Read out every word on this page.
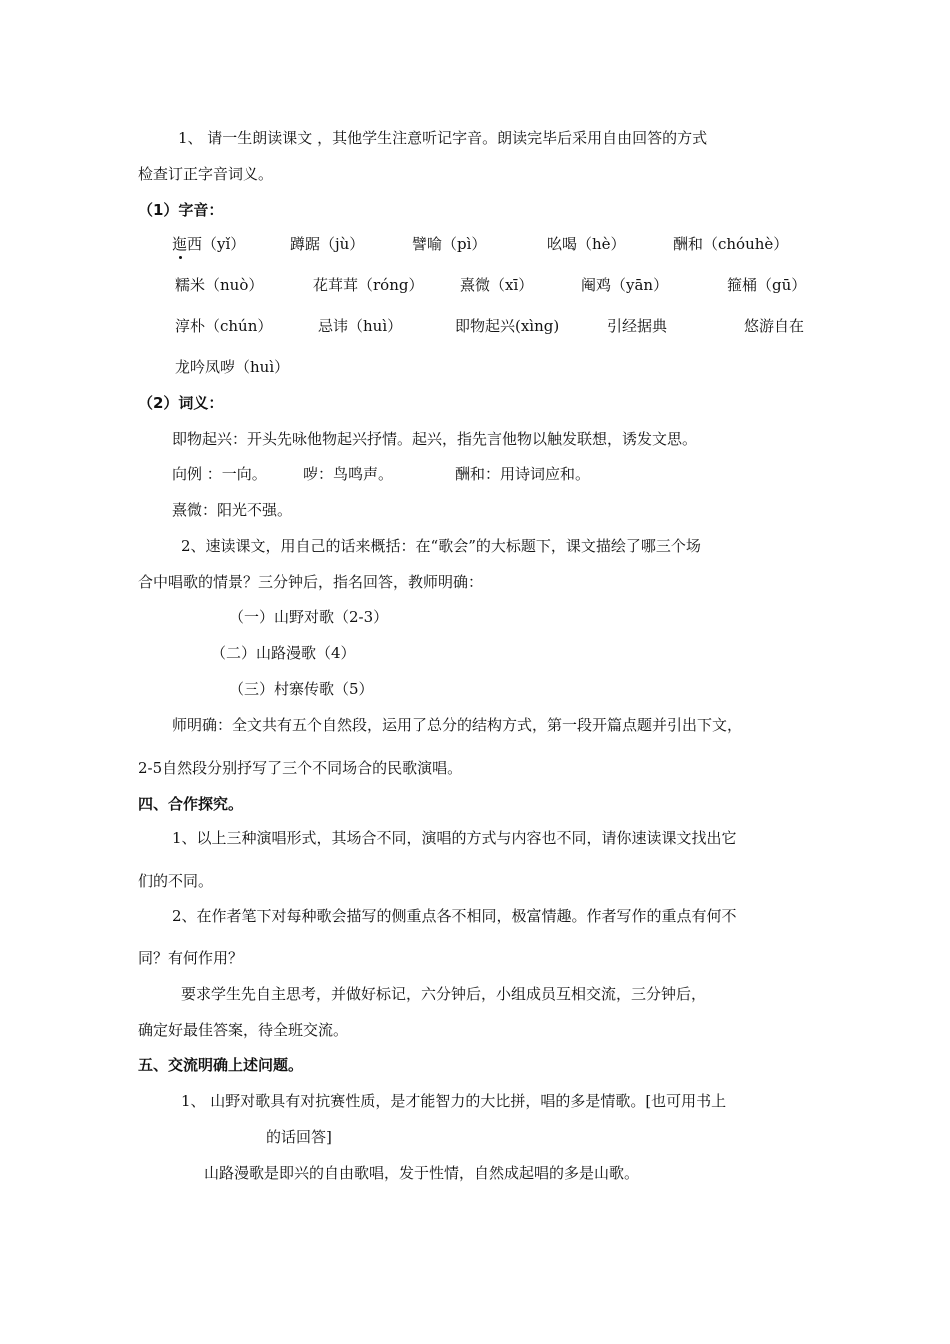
1、 请一生朗读课文 ，其他学生注意听记字音。朗读完毕后采用自由回答的方式
检查订正字音词义。
（1）字音：
迤西（yǐ）	蹲踞（jù）	譬喻（pì）	吆喝（hè）	酬和（chóuhè）
糯米（nuò）	花茸茸（róng） 熹微（xī）	阉鸡（yān）	箍桶（gū）
淳朴（chún）	忌讳（huì）	即物起兴(xìng)	引经据典	悠游自在
龙吟凤哕（huì）
（2）词义：
即物起兴：开头先咏他物起兴抒情。起兴，指先言他物以触发联想，诱发文思。
向例 ：一向。 哕：鸟鸣声。	酬和：用诗词应和。
熹微：阳光不强。
2、速读课文，用自己的话来概括：在“歌会”的大标题下，课文描绘了哪三个场
合中唱歌的情景？三分钟后，指名回答，教师明确：
（一）山野对歌（2-3）
（二）山路漫歌（4）
（三）村寨传歌（5）
师明确：全文共有五个自然段，运用了总分的结构方式，第一段开篇点题并引出下文，
2-5自然段分别抒写了三个不同场合的民歌演唱。
四、合作探究。
1、以上三种演唱形式，其场合不同，演唱的方式与内容也不同，请你速读课文找出它
们的不同。
2、在作者笔下对每种歌会描写的侧重点各不相同，极富情趣。作者写作的重点有何不
同？有何作用？
要求学生先自主思考，并做好标记，六分钟后，小组成员互相交流，三分钟后，
确定好最佳答案，待全班交流。
五、交流明确上述问题。
1、 山野对歌具有对抗赛性质，是才能智力的大比拼，唱的多是情歌。[也可用书上
的话回答]
山路漫歌是即兴的自由歌唱，发于性情，自然成起唱的多是山歌。
